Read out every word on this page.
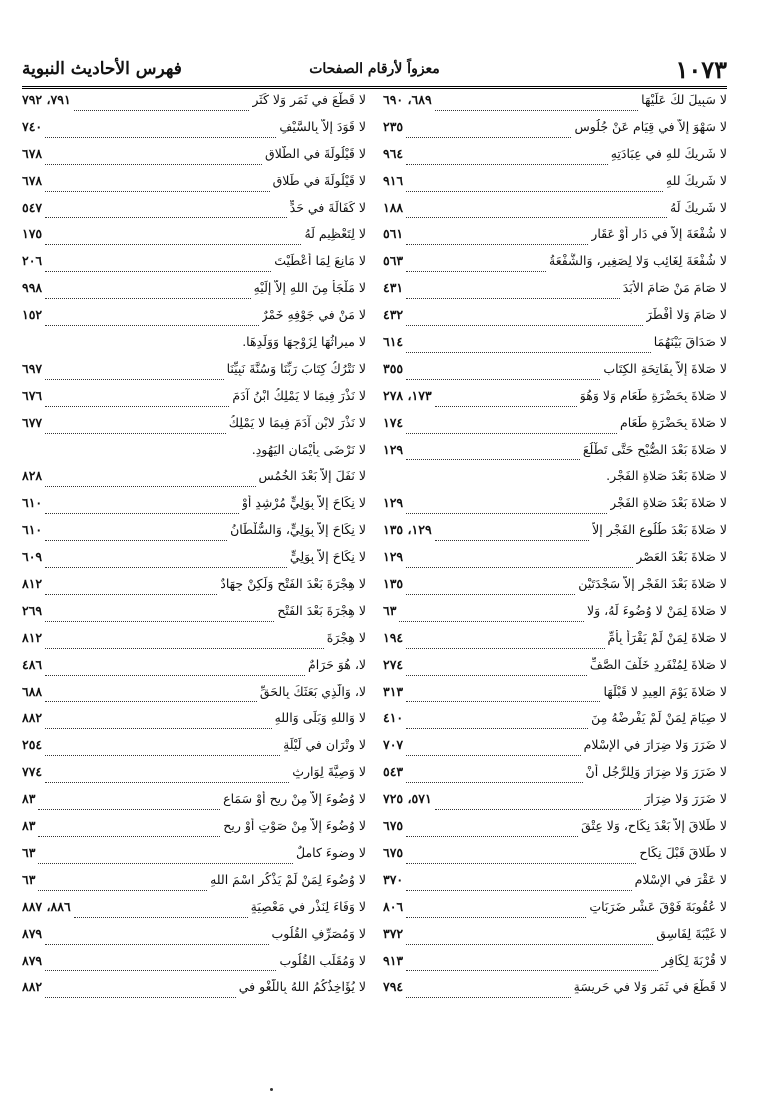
١٠٧٣
معزواً لأرقام الصفحات
فهرس الأحاديث النبوية
لا سَبِيلَ لكَ عَلَيْهَا
٦٨٩، ٦٩٠
لا سَهْوَ إلاَّ في قِيَامٍ عَنْ جُلُوسٍ
٢٣٥
لا شَرِيكَ للهِ في عِبَادَتِهِ
٩٦٤
لا شَرِيكَ للهِ
٩١٦
لا شَرِيكَ لَهُ
١٨٨
لا شُفْعَةَ إلاَّ في دَارٍ أَوْ عَقَارٍ
٥٦١
لا شُفْعَةَ لِغَائِبٍ وَلا لِصَغِيرٍ، وَالشُّفْعَةُ
٥٦٣
لا صَامَ مَنْ صَامَ الأبَدَ
٤٣١
لا صَامَ وَلا أَفْطَرَ
٤٣٢
لا صَدَاقَ بَيْنَهُمَا
٦١٤
لا صَلاةَ إلاَّ بِفَاتِحَةِ الكِتَابِ
٣٥٥
لا صَلاةَ بِحَضْرَةِ طَعَامٍ وَلا وَهُوَ
١٧٣، ٢٧٨
لا صَلاةَ بِحَضْرَةِ طَعَامٍ
١٧٤
لا صَلاةَ بَعْدَ الصُّبْحِ حَتَّى تَطْلُعَ
١٢٩
لا صَلاةَ بَعْدَ صَلاةِ الفَجْرِ.
لا صَلاةَ بَعْدَ صَلاةِ الفَجْرِ
١٢٩
لا صَلاةَ بَعْدَ طُلُوعِ الفَجْرِ إلاَّ
١٢٩، ١٣٥
لا صَلاةَ بَعْدَ العَصْرِ
١٢٩
لا صَلاةَ بَعْدَ الفَجْرِ إلاَّ سَجْدَتَيْنِ
١٣٥
لا صَلاةَ لِمَنْ لا وُضُوءَ لَهُ، وَلا
٦٣
لا صَلاةَ لِمَنْ لَمْ يَقْرَأْ بِأُمِّ
١٩٤
لا صَلاةَ لِمُنْفَرِدٍ خَلْفَ الصَّفِّ
٢٧٤
لا صَلاةَ يَوْمَ العِيدِ لا قَبْلَهَا
٣١٣
لا صِيَامَ لِمَنْ لَمْ يَفْرِضْهُ مِنَ
٤١٠
لا ضَرَرَ وَلا ضِرَارَ في الإسْلامِ
٧٠٧
لا ضَرَرَ وَلا ضِرَارَ وَلِلرَّجُلِ أَنْ
٥٤٣
لا ضَرَرَ وَلا ضِرَارَ
٥٧١، ٧٢٥
لا طَلاقَ إلاَّ بَعْدَ نِكَاحٍ، وَلا عِتْقَ
٦٧٥
لا طَلاقَ قَبْلَ نِكَاحٍ
٦٧٥
لا عَقْرَ في الإسْلامِ
٣٧٠
لا عُقُوبَةَ فَوْقَ عَشْرِ ضَرَبَاتٍ
٨٠٦
لا غَيْبَةَ لِفَاسِقٍ
٣٧٢
لا قُرْبَةَ لِكَافِرٍ
٩١٣
لا قَطْعَ في ثَمَرٍ وَلا في حَرِيسَةٍ
٧٩٤
لا قَطْعَ في ثَمَرٍ وَلا كَثَرٍ
٧٩١، ٧٩٢
لا قَوَدَ إلاَّ بِالسَّيْفِ
٧٤٠
لا قَيْلُولَةَ في الطَّلاقِ
٦٧٨
لا قَيْلُولَةَ في طَلاقٍ
٦٧٨
لا كَفَالَةَ في حَدٍّ
٥٤٧
لا لِتَعْظِيمٍ لَهُ
١٧٥
لا مَانِعَ لِمَا أَعْطَيْتَ
٢٠٦
لا مَلْجَأَ مِنَ اللهِ إلاَّ إِلَيْهِ
٩٩٨
لا مَنْ في جَوْفِهِ خَمْرٌ
١٥٢
لا ميراثُهَا لِزَوْجِهَا وَوَلَدِهَا.
لا نَتْرُكُ كِتَابَ رَبِّنَا وَسُنَّةَ نَبِيِّنَا
٦٩٧
لا نَذْرَ فِيمَا لا يَمْلِكُ ابْنُ آدَمَ
٦٧٦
لا نَذْرَ لابْنِ آدَمَ فِيمَا لا يَمْلِكُ
٦٧٧
لا نَرْضَى بِأَيْمَانِ اليَهُودِ.
لا نَفَلَ إلاَّ بَعْدَ الخُمُسِ
٨٢٨
لا نِكَاحَ إلاَّ بِوَلِيٍّ مُرْشِدٍ أَوْ
٦١٠
لا نِكَاحَ إلاَّ بِوَلِيٍّ، وَالسُّلْطَانُ
٦١٠
لا نِكَاحَ إلاَّ بِوَلِيٍّ
٦٠٩
لا هِجْرَةَ بَعْدَ الفَتْحِ وَلَكِنْ جِهَادٌ
٨١٢
لا هِجْرَةَ بَعْدَ الفَتْحِ
٢٦٩
لا هِجْرَةَ
٨١٢
لا، هُوَ حَرَامٌ
٤٨٦
لا، وَالَّذِي بَعَثَكَ بِالحَقِّ
٦٨٨
لا وَاللهِ وَبَلَى وَاللهِ
٨٨٢
لا وِتْرَانِ في لَيْلَةٍ
٢٥٤
لا وَصِيَّةَ لِوَارِثٍ
٧٧٤
لا وُضُوءَ إلاَّ مِنْ رِيحٍ أَوْ سَمَاعٍ
٨٣
لا وُضُوءَ إلاَّ مِنْ صَوْتٍ أَوْ رِيحٍ
٨٣
لا وضوءَ كاملٌ
٦٣
لا وُضُوءَ لِمَنْ لَمْ يَذْكُرِ اسْمَ اللهِ
٦٣
لا وَفَاءَ لِنَذْرٍ في مَعْصِيَةٍ
٨٨٦، ٨٨٧
لا وَمُصَرِّفِ القُلُوبِ
٨٧٩
لا وَمُقَلِّبِ القُلُوبِ
٨٧٩
لا يُؤَاخِذُكُمُ اللهُ بِاللَّغْوِ في
٨٨٢
